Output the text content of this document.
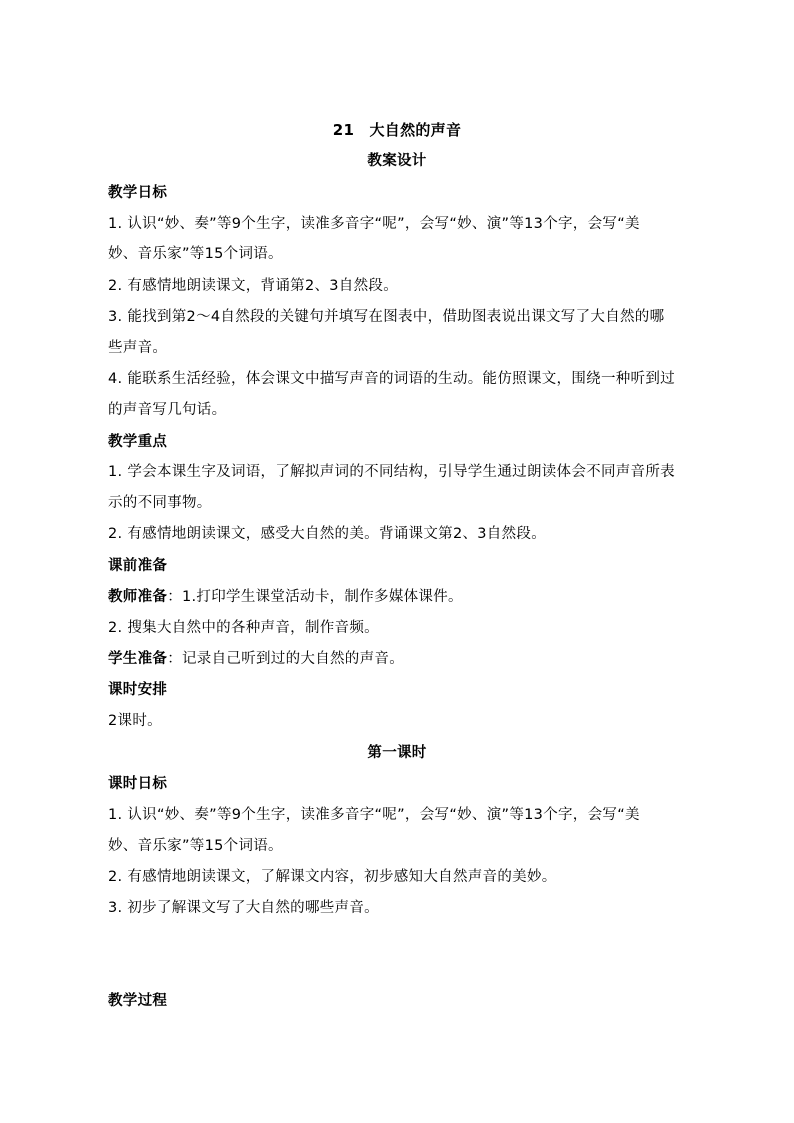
21　大自然的声音
教案设计
教学日标
1. 认识“妙、奏”等9个生字，读准多音字“呢”，会写“妙、演”等13个字，会写“美
妙、音乐家”等15个词语。
2. 有感情地朗读课文，背诵第2、3自然段。
3. 能找到第2～4自然段的关键句并填写在图表中，借助图表说出课文写了大自然的哪
些声音。
4. 能联系生活经验，体会课文中描写声音的词语的生动。能仿照课文，围绕一种听到过
的声音写几句话。
教学重点
1. 学会本课生字及词语，了解拟声词的不同结构，引导学生通过朗读体会不同声音所表
示的不同事物。
2. 有感情地朗读课文，感受大自然的美。背诵课文第2、3自然段。
课前准备
教师准备：1.打印学生课堂活动卡，制作多媒体课件。
2. 搜集大自然中的各种声音，制作音频。
学生准备：记录自己听到过的大自然的声音。
课时安排
2课时。
第一课时
课时日标
1. 认识“妙、奏”等9个生字，读准多音字“呢”，会写“妙、演”等13个字，会写“美
妙、音乐家”等15个词语。
2. 有感情地朗读课文，了解课文内容，初步感知大自然声音的美妙。
3. 初步了解课文写了大自然的哪些声音。
教学过程
